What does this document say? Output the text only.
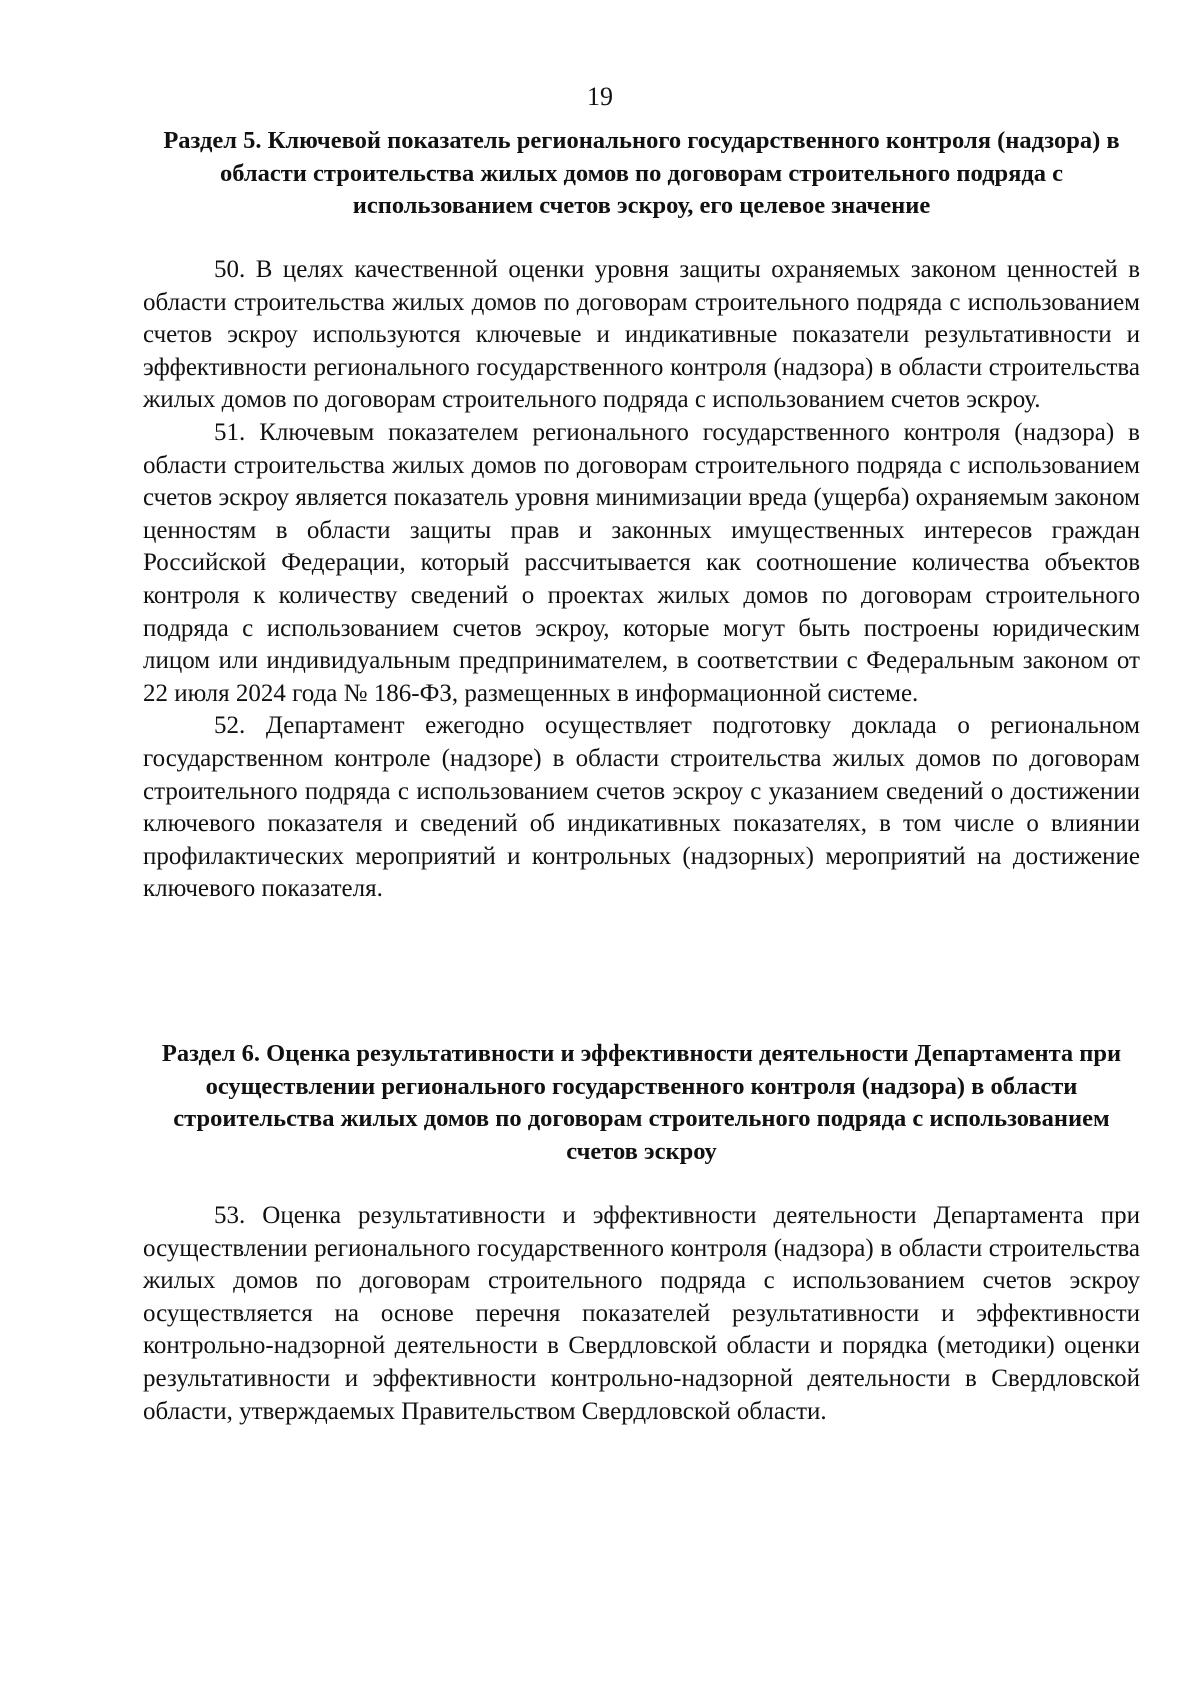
19

Раздел 5. Ключевой показатель регионального государственного контроля (надзора) в области строительства жилых домов по договорам строительного подряда с использованием счетов эскроу, его целевое значение

50. В целях качественной оценки уровня защиты охраняемых законом ценностей в области строительства жилых домов по договорам строительного подряда с использованием счетов эскроу используются ключевые и индикативные показатели результативности и эффективности регионального государственного контроля (надзора) в области строительства жилых домов по договорам строительного подряда с использованием счетов эскроу.

51. Ключевым показателем регионального государственного контроля (надзора) в области строительства жилых домов по договорам строительного подряда с использованием счетов эскроу является показатель уровня минимизации вреда (ущерба) охраняемым законом ценностям в области защиты прав и законных имущественных интересов граждан Российской Федерации, который рассчитывается как соотношение количества объектов контроля к количеству сведений о проектах жилых домов по договорам строительного подряда с использованием счетов эскроу, которые могут быть построены юридическим лицом или индивидуальным предпринимателем, в соответствии с Федеральным законом от 22 июля 2024 года № 186-ФЗ, размещенных в информационной системе.

52. Департамент ежегодно осуществляет подготовку доклада о региональном государственном контроле (надзоре) в области строительства жилых домов по договорам строительного подряда с использованием счетов эскроу с указанием сведений о достижении ключевого показателя и сведений об индикативных показателях, в том числе о влиянии профилактических мероприятий и контрольных (надзорных) мероприятий на достижение ключевого показателя.

Раздел 6. Оценка результативности и эффективности деятельности Департамента при осуществлении регионального государственного контроля (надзора) в области строительства жилых домов по договорам строительного подряда с использованием счетов эскроу

53. Оценка результативности и эффективности деятельности Департамента при осуществлении регионального государственного контроля (надзора) в области строительства жилых домов по договорам строительного подряда с использованием счетов эскроу осуществляется на основе перечня показателей результативности и эффективности контрольно-надзорной деятельности в Свердловской области и порядка (методики) оценки результативности и эффективности контрольно-надзорной деятельности в Свердловской области, утверждаемых Правительством Свердловской области.
